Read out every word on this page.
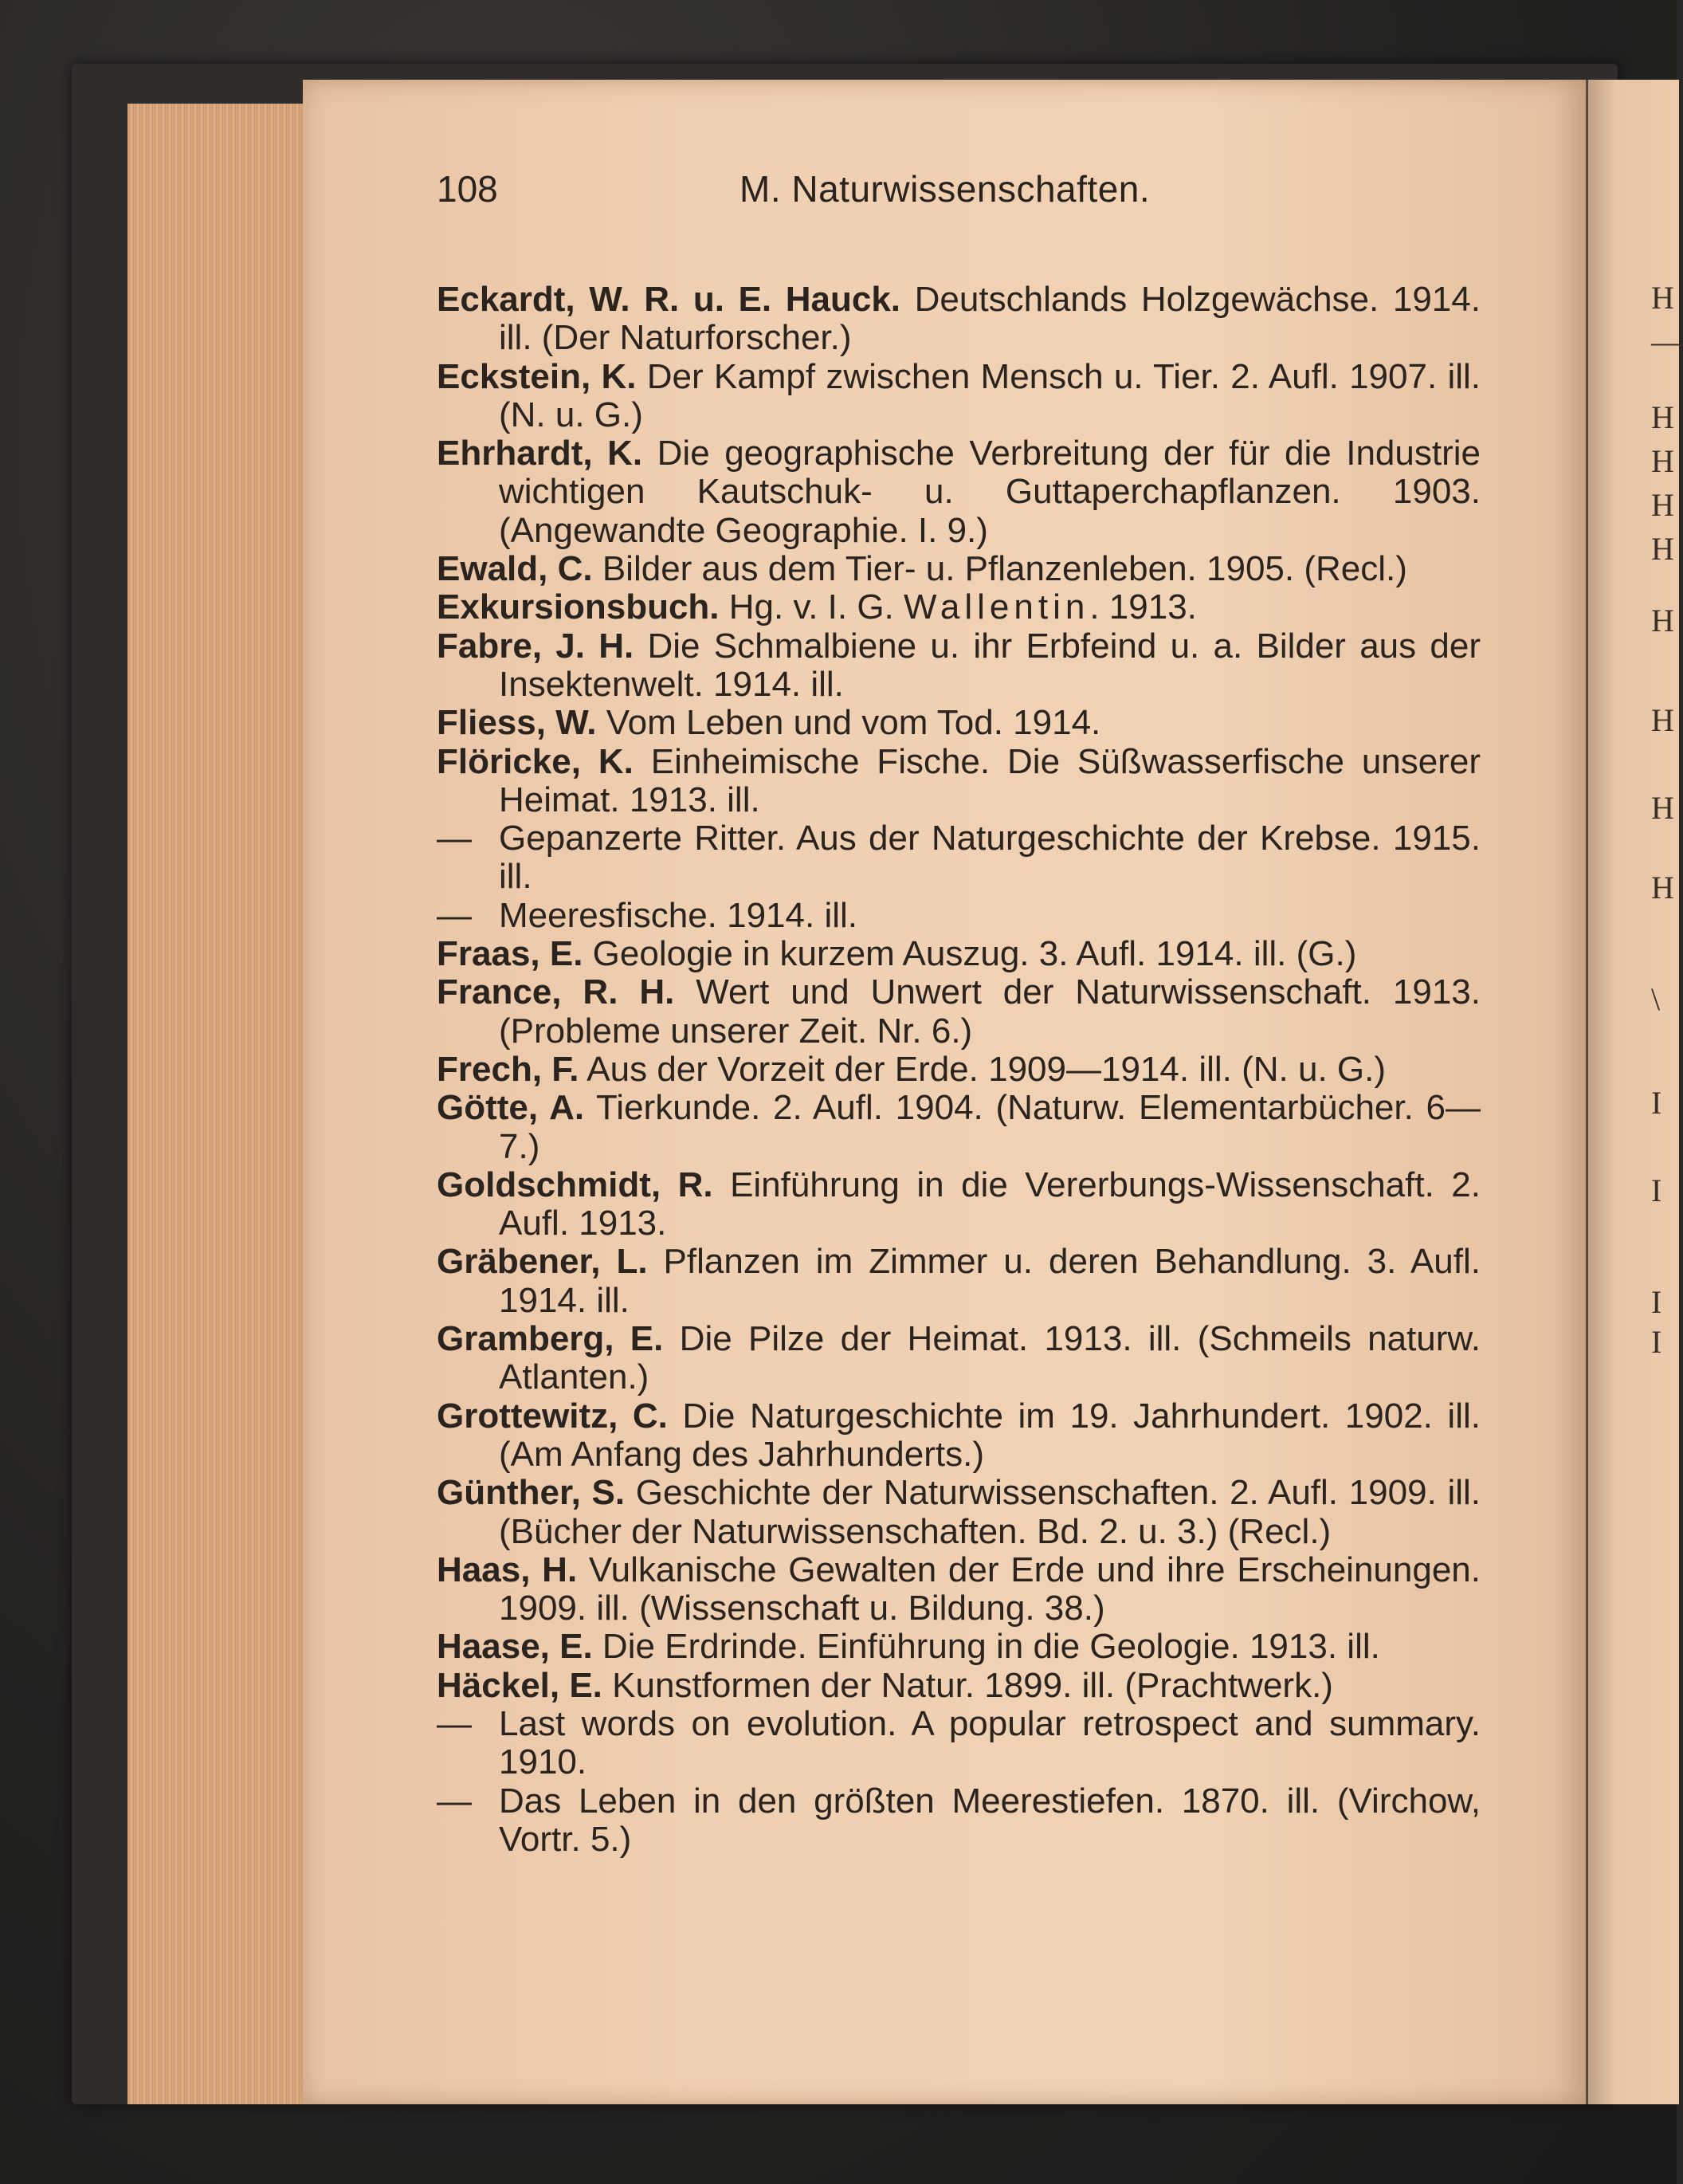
H
—
H
H
H
H
H
H
H
H
\
I
I
I
I
108	M. Naturwissenschaften.

Eckardt, W. R. u. E. Hauck. Deutschlands Holzgewächse. 1914. ill. (Der Naturforscher.)

Eckstein, K. Der Kampf zwischen Mensch u. Tier. 2. Aufl. 1907. ill. (N. u. G.)

Ehrhardt, K. Die geographische Verbreitung der für die Industrie wichtigen Kautschuk- u. Guttaperchapflanzen. 1903. (Angewandte Geographie. I. 9.)

Ewald, C. Bilder aus dem Tier- u. Pflanzenleben. 1905. (Recl.)

Exkursionsbuch. Hg. v. I. G. Wallentin. 1913.

Fabre, J. H. Die Schmalbiene u. ihr Erbfeind u. a. Bilder aus der Insektenwelt. 1914. ill.

Fliess, W. Vom Leben und vom Tod. 1914.

Flöricke, K. Einheimische Fische. Die Süßwasserfische unserer Heimat. 1913. ill.

— Gepanzerte Ritter. Aus der Naturgeschichte der Krebse. 1915. ill.

— Meeresfische. 1914. ill.

Fraas, E. Geologie in kurzem Auszug. 3. Aufl. 1914. ill. (G.)

France, R. H. Wert und Unwert der Naturwissenschaft. 1913. (Probleme unserer Zeit. Nr. 6.)

Frech, F. Aus der Vorzeit der Erde. 1909—1914. ill. (N. u. G.)

Götte, A. Tierkunde. 2. Aufl. 1904. (Naturw. Elementarbücher. 6—7.)

Goldschmidt, R. Einführung in die Vererbungs-Wissenschaft. 2. Aufl. 1913.

Gräbener, L. Pflanzen im Zimmer u. deren Behandlung. 3. Aufl. 1914. ill.

Gramberg, E. Die Pilze der Heimat. 1913. ill. (Schmeils naturw. Atlanten.)

Grottewitz, C. Die Naturgeschichte im 19. Jahrhundert. 1902. ill. (Am Anfang des Jahrhunderts.)

Günther, S. Geschichte der Naturwissenschaften. 2. Aufl. 1909. ill. (Bücher der Naturwissenschaften. Bd. 2. u. 3.) (Recl.)

Haas, H. Vulkanische Gewalten der Erde und ihre Erscheinungen. 1909. ill. (Wissenschaft u. Bildung. 38.)

Haase, E. Die Erdrinde. Einführung in die Geologie. 1913. ill.

Häckel, E. Kunstformen der Natur. 1899. ill. (Prachtwerk.)

— Last words on evolution. A popular retrospect and summary. 1910.

— Das Leben in den größten Meerestiefen. 1870. ill. (Virchow, Vortr. 5.)
